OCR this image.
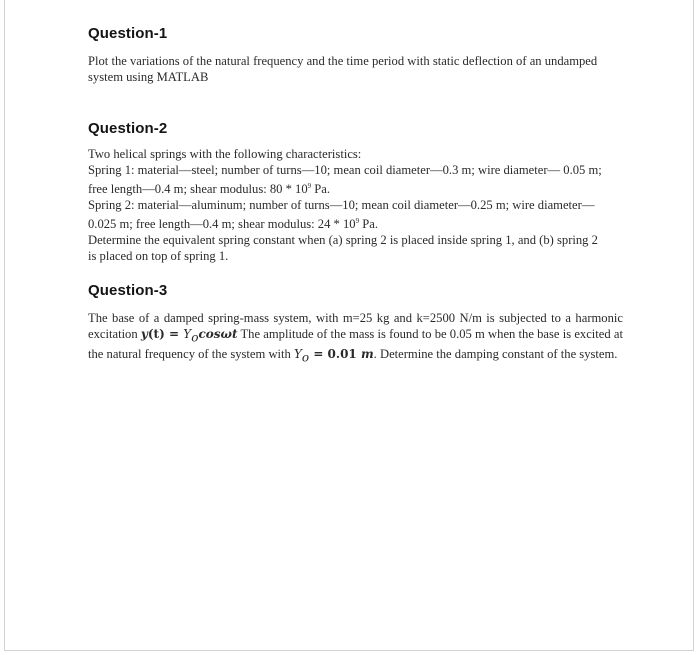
Question-1

Plot the variations of the natural frequency and the time period with static deflection of an undamped
system using MATLAB

Question-2

Two helical springs with the following characteristics:
Spring 1: material—steel; number of turns—10; mean coil diameter—0.3 m; wire diameter— 0.05 m;
free length—0.4 m; shear modulus: $80 * 10^9$ Pa.
Spring 2: material—aluminum; number of turns—10; mean coil diameter—0.25 m; wire diameter—
0.025 m; free length—0.4 m; shear modulus: $24 * 10^9$ Pa.
Determine the equivalent spring constant when (a) spring 2 is placed inside spring 1, and (b) spring 2
is placed on top of spring 1.

Question-3

The base of a damped spring-mass system, with m=25 kg and k=2500 N/m is subjected to a harmonic excitation $y(t) = Y_o\cos\omega t$ The amplitude of the mass is found to be 0.05 m when the base is excited at the natural frequency of the system with $Y_o = 0.01$ m. Determine the damping constant of the system.
